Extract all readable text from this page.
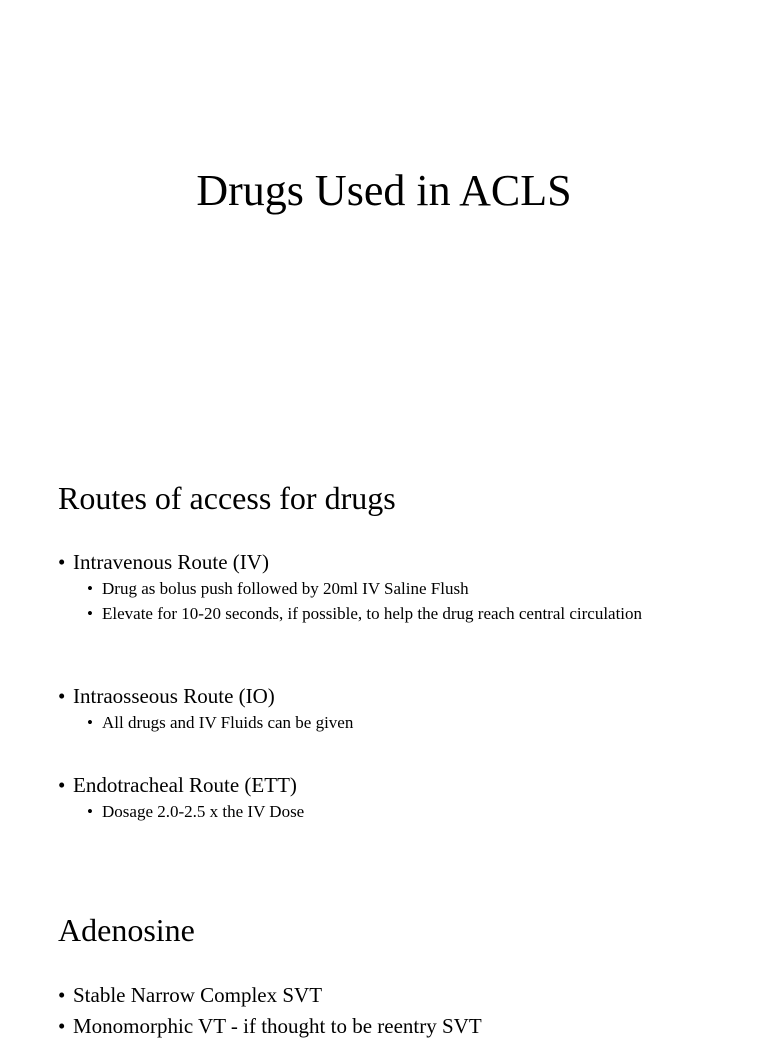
Drugs Used in ACLS
Routes of access for drugs
• Intravenous Route (IV)
• Drug as bolus push followed by 20ml IV Saline Flush
• Elevate for 10-20 seconds, if possible, to help the drug reach central circulation
• Intraosseous Route (IO)
• All drugs and IV Fluids can be given
• Endotracheal Route (ETT)
• Dosage 2.0-2.5 x the IV Dose
Adenosine
• Stable Narrow Complex SVT
• Monomorphic VT - if thought to be reentry SVT
